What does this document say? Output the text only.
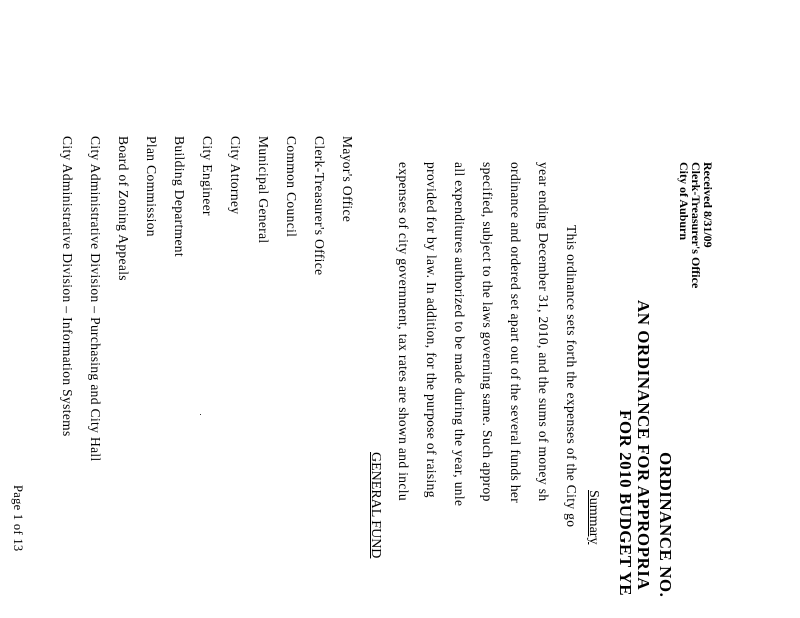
Received 8/31/09
Clerk-Treasurer's Office
City of Auburn
ORDINANCE NO.
AN ORDINANCE FOR APPROPRIA
FOR 2010 BUDGET YE
Summary
This ordinance sets forth the expenses of the City go
year ending December 31, 2010, and the sums of money sh
ordinance and ordered set apart out of the several funds her
specified, subject to the laws governing same. Such approp
all expenditures authorized to be made during the year, unle
provided for by law. In addition, for the purpose of raising
expenses of city government, tax rates are shown and inclu
GENERAL FUND
Mayor's Office
Clerk-Treasurer's Office
Common Council
Municipal General
City Attorney
City Engineer
Building Department
Plan Commission
Board of Zoning Appeals
City Administrative Division – Purchasing and City Hall
City Administrative Division – Information Systems
Page 1 of 13
